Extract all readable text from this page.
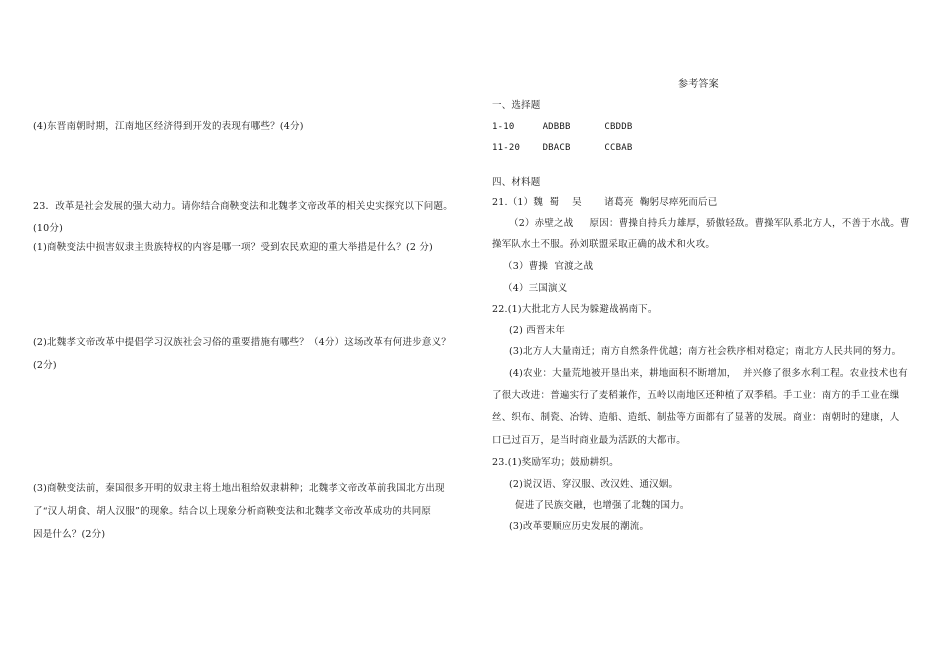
(4)东晋南朝时期，江南地区经济得到开发的表现有哪些？(4分)
23．改革是社会发展的强大动力。请你结合商鞅变法和北魏孝文帝改革的相关史实探究以下问题。
(10分)
(1)商鞅变法中损害奴隶主贵族特权的内容是哪一项？受到农民欢迎的重大举措是什么？(2 分)
(2)北魏孝文帝改革中提倡学习汉族社会习俗的重要措施有哪些？（4分）这场改革有何进步意义？
(2分)
(3)商鞅变法前，秦国很多开明的奴隶主将土地出租给奴隶耕种；北魏孝文帝改革前我国北方出现
了“汉人胡食、胡人汉服”的现象。结合以上现象分析商鞅变法和北魏孝文帝改革成功的共同原
因是什么？(2分)
参考答案
一、选择题
1-10     ADBBB      CBDDB
11-20    DBACB      CCBAB
四、材料题
21.（1）魏  蜀    吴       诸葛亮  鞠躬尽瘁死而后已
（2）赤壁之战     原因：曹操自持兵力雄厚，骄傲轻敌。曹操军队系北方人，不善于水战。曹
操军队水土不服。孙刘联盟采取正确的战术和火攻。
（3）曹操  官渡之战
（4）三国演义
22.(1)大批北方人民为躲避战祸南下。
(2) 西晋末年
(3)北方人大量南迁；南方自然条件优越；南方社会秩序相对稳定；南北方人民共同的努力。
(4)农业：大量荒地被开垦出来，耕地面积不断增加，  并兴修了很多水利工程。农业技术也有
了很大改进：普遍实行了麦稻兼作，五岭以南地区还种植了双季稻。手工业：南方的手工业在缫
丝、织布、制瓷、冶铸、造船、造纸、制盐等方面都有了显著的发展。商业：南朝时的建康，人
口已过百万，是当时商业最为活跃的大都市。
23.(1)奖励军功；鼓励耕织。
(2)说汉语、穿汉服、改汉姓、通汉姻。
促进了民族交融，也增强了北魏的国力。
(3)改革要顺应历史发展的潮流。
